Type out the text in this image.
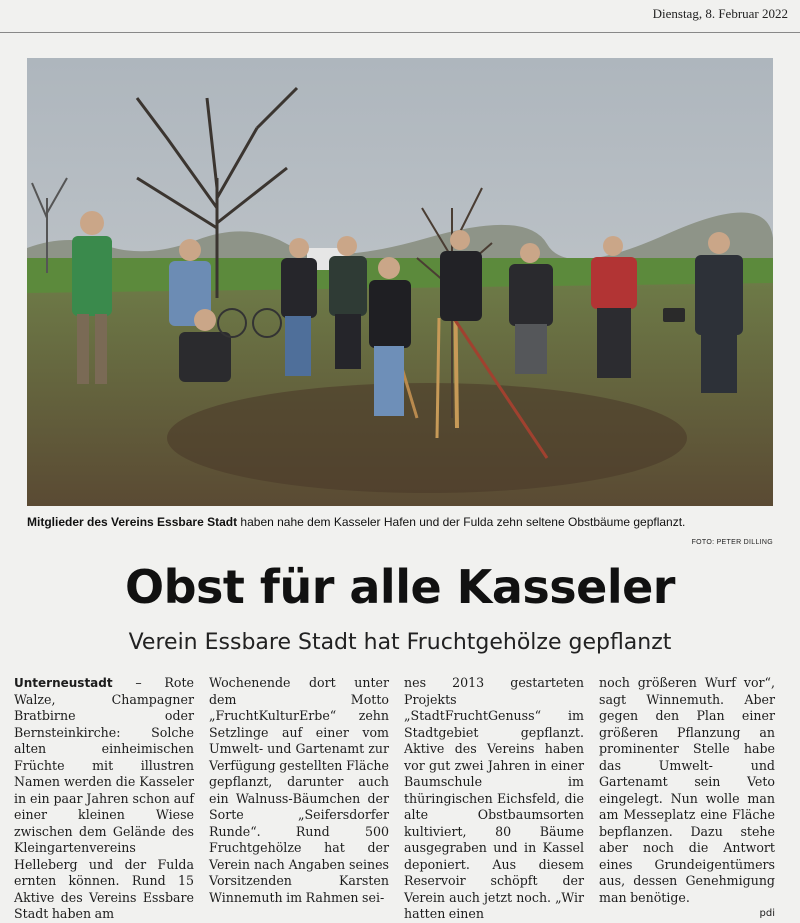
Dienstag, 8. Februar 2022
Mitglieder des Vereins Essbare Stadt haben nahe dem Kasseler Hafen und der Fulda zehn seltene Obstbäume gepflanzt.
FOTO: PETER DILLING
Obst für alle Kasseler
Verein Essbare Stadt hat Fruchtgehölze gepflanzt
Unterneustadt – Rote Walze, Champagner Bratbirne oder Bernsteinkirche: Solche alten einheimischen Früchte mit illustren Namen werden die Kasseler in ein paar Jahren schon auf einer kleinen Wiese zwischen dem Gelände des Kleingartenvereins Helleberg und der Fulda ernten können. Rund 15 Aktive des Vereins Essbare Stadt haben am
Wochenende dort unter dem Motto „FruchtKulturErbe“ zehn Setzlinge auf einer vom Umwelt- und Gartenamt zur Verfügung gestellten Fläche gepflanzt, darunter auch ein Walnuss-Bäumchen der Sorte „Seifersdorfer Runde“. Rund 500 Fruchtgehölze hat der Verein nach Angaben seines Vorsitzenden Karsten Winnemuth im Rahmen sei-
nes 2013 gestarteten Projekts „StadtFruchtGenuss“ im Stadtgebiet gepflanzt. Aktive des Vereins haben vor gut zwei Jahren in einer Baumschule im thüringischen Eichsfeld, die alte Obstbaumsorten kultiviert, 80 Bäume ausgegraben und in Kassel deponiert. Aus diesem Reservoir schöpft der Verein auch jetzt noch. „Wir hatten einen
noch größeren Wurf vor“, sagt Winnemuth. Aber gegen den Plan einer größeren Pflanzung an prominenter Stelle habe das Umwelt- und Gartenamt sein Veto eingelegt. Nun wolle man am Messeplatz eine Fläche bepflanzen. Dazu stehe aber noch die Antwort eines Grundeigentümers aus, dessen Genehmigung man benötige.
pdi
